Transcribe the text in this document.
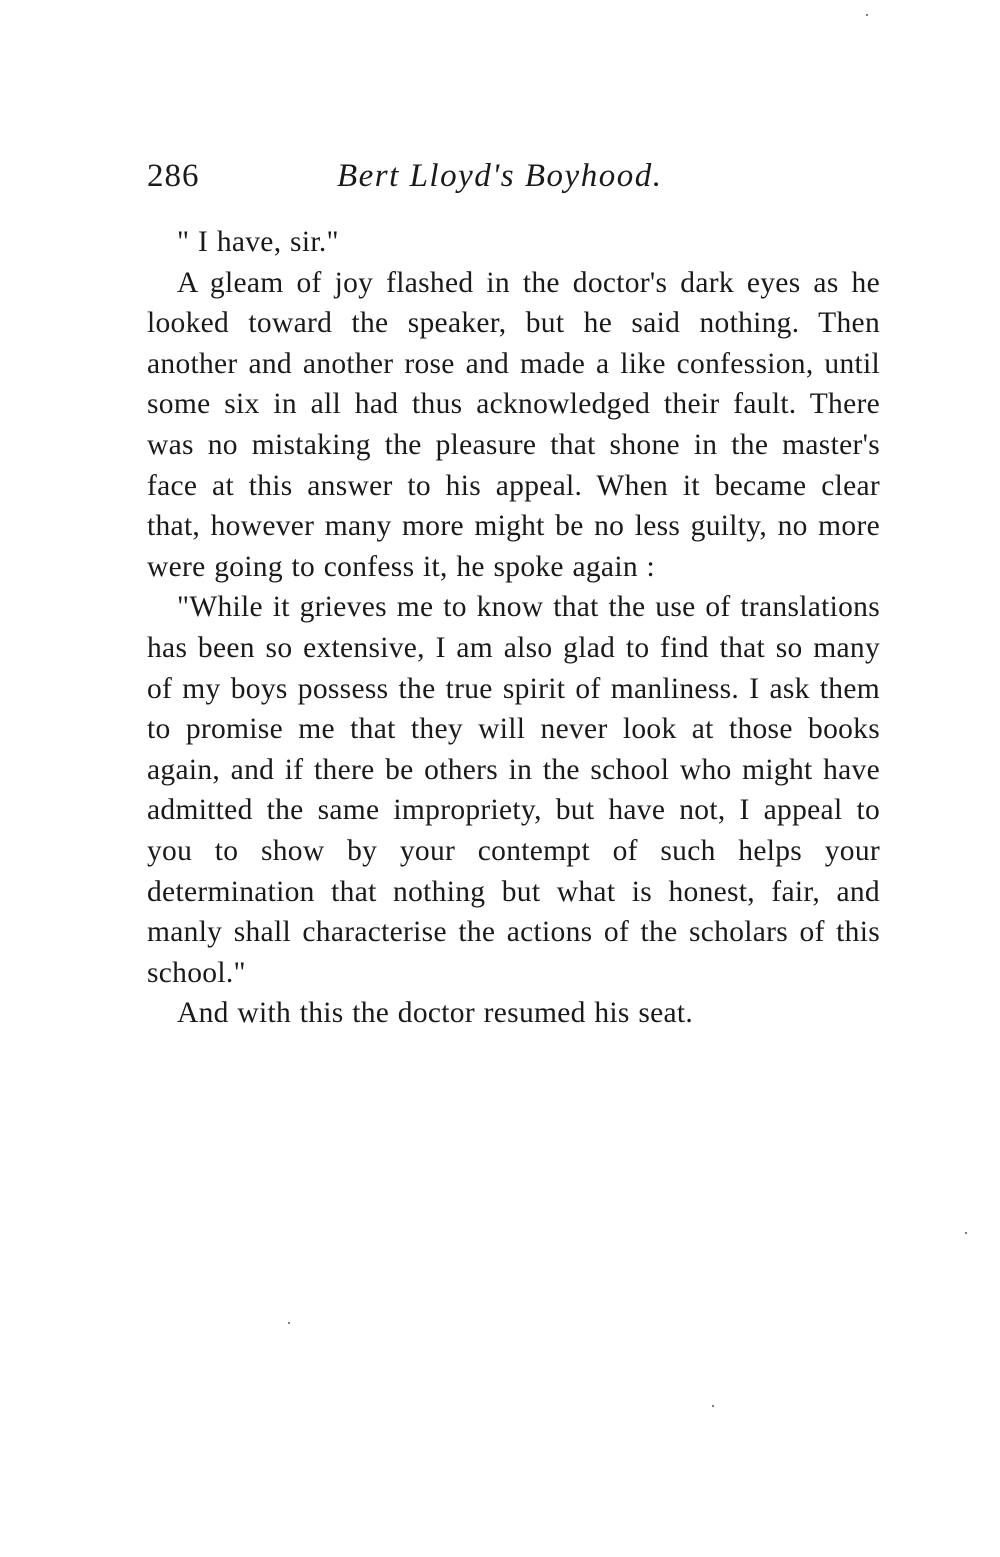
286	Bert Lloyd's Boyhood.

" I have, sir."

A gleam of joy flashed in the doctor's dark eyes as he looked toward the speaker, but he said nothing. Then another and another rose and made a like confession, until some six in all had thus acknowledged their fault. There was no mistaking the pleasure that shone in the master's face at this answer to his appeal. When it became clear that, however many more might be no less guilty, no more were going to confess it, he spoke again :

"While it grieves me to know that the use of translations has been so extensive, I am also glad to find that so many of my boys possess the true spirit of manliness. I ask them to promise me that they will never look at those books again, and if there be others in the school who might have admitted the same impropriety, but have not, I appeal to you to show by your contempt of such helps your determination that nothing but what is honest, fair, and manly shall characterise the actions of the scholars of this school."

And with this the doctor resumed his seat.
